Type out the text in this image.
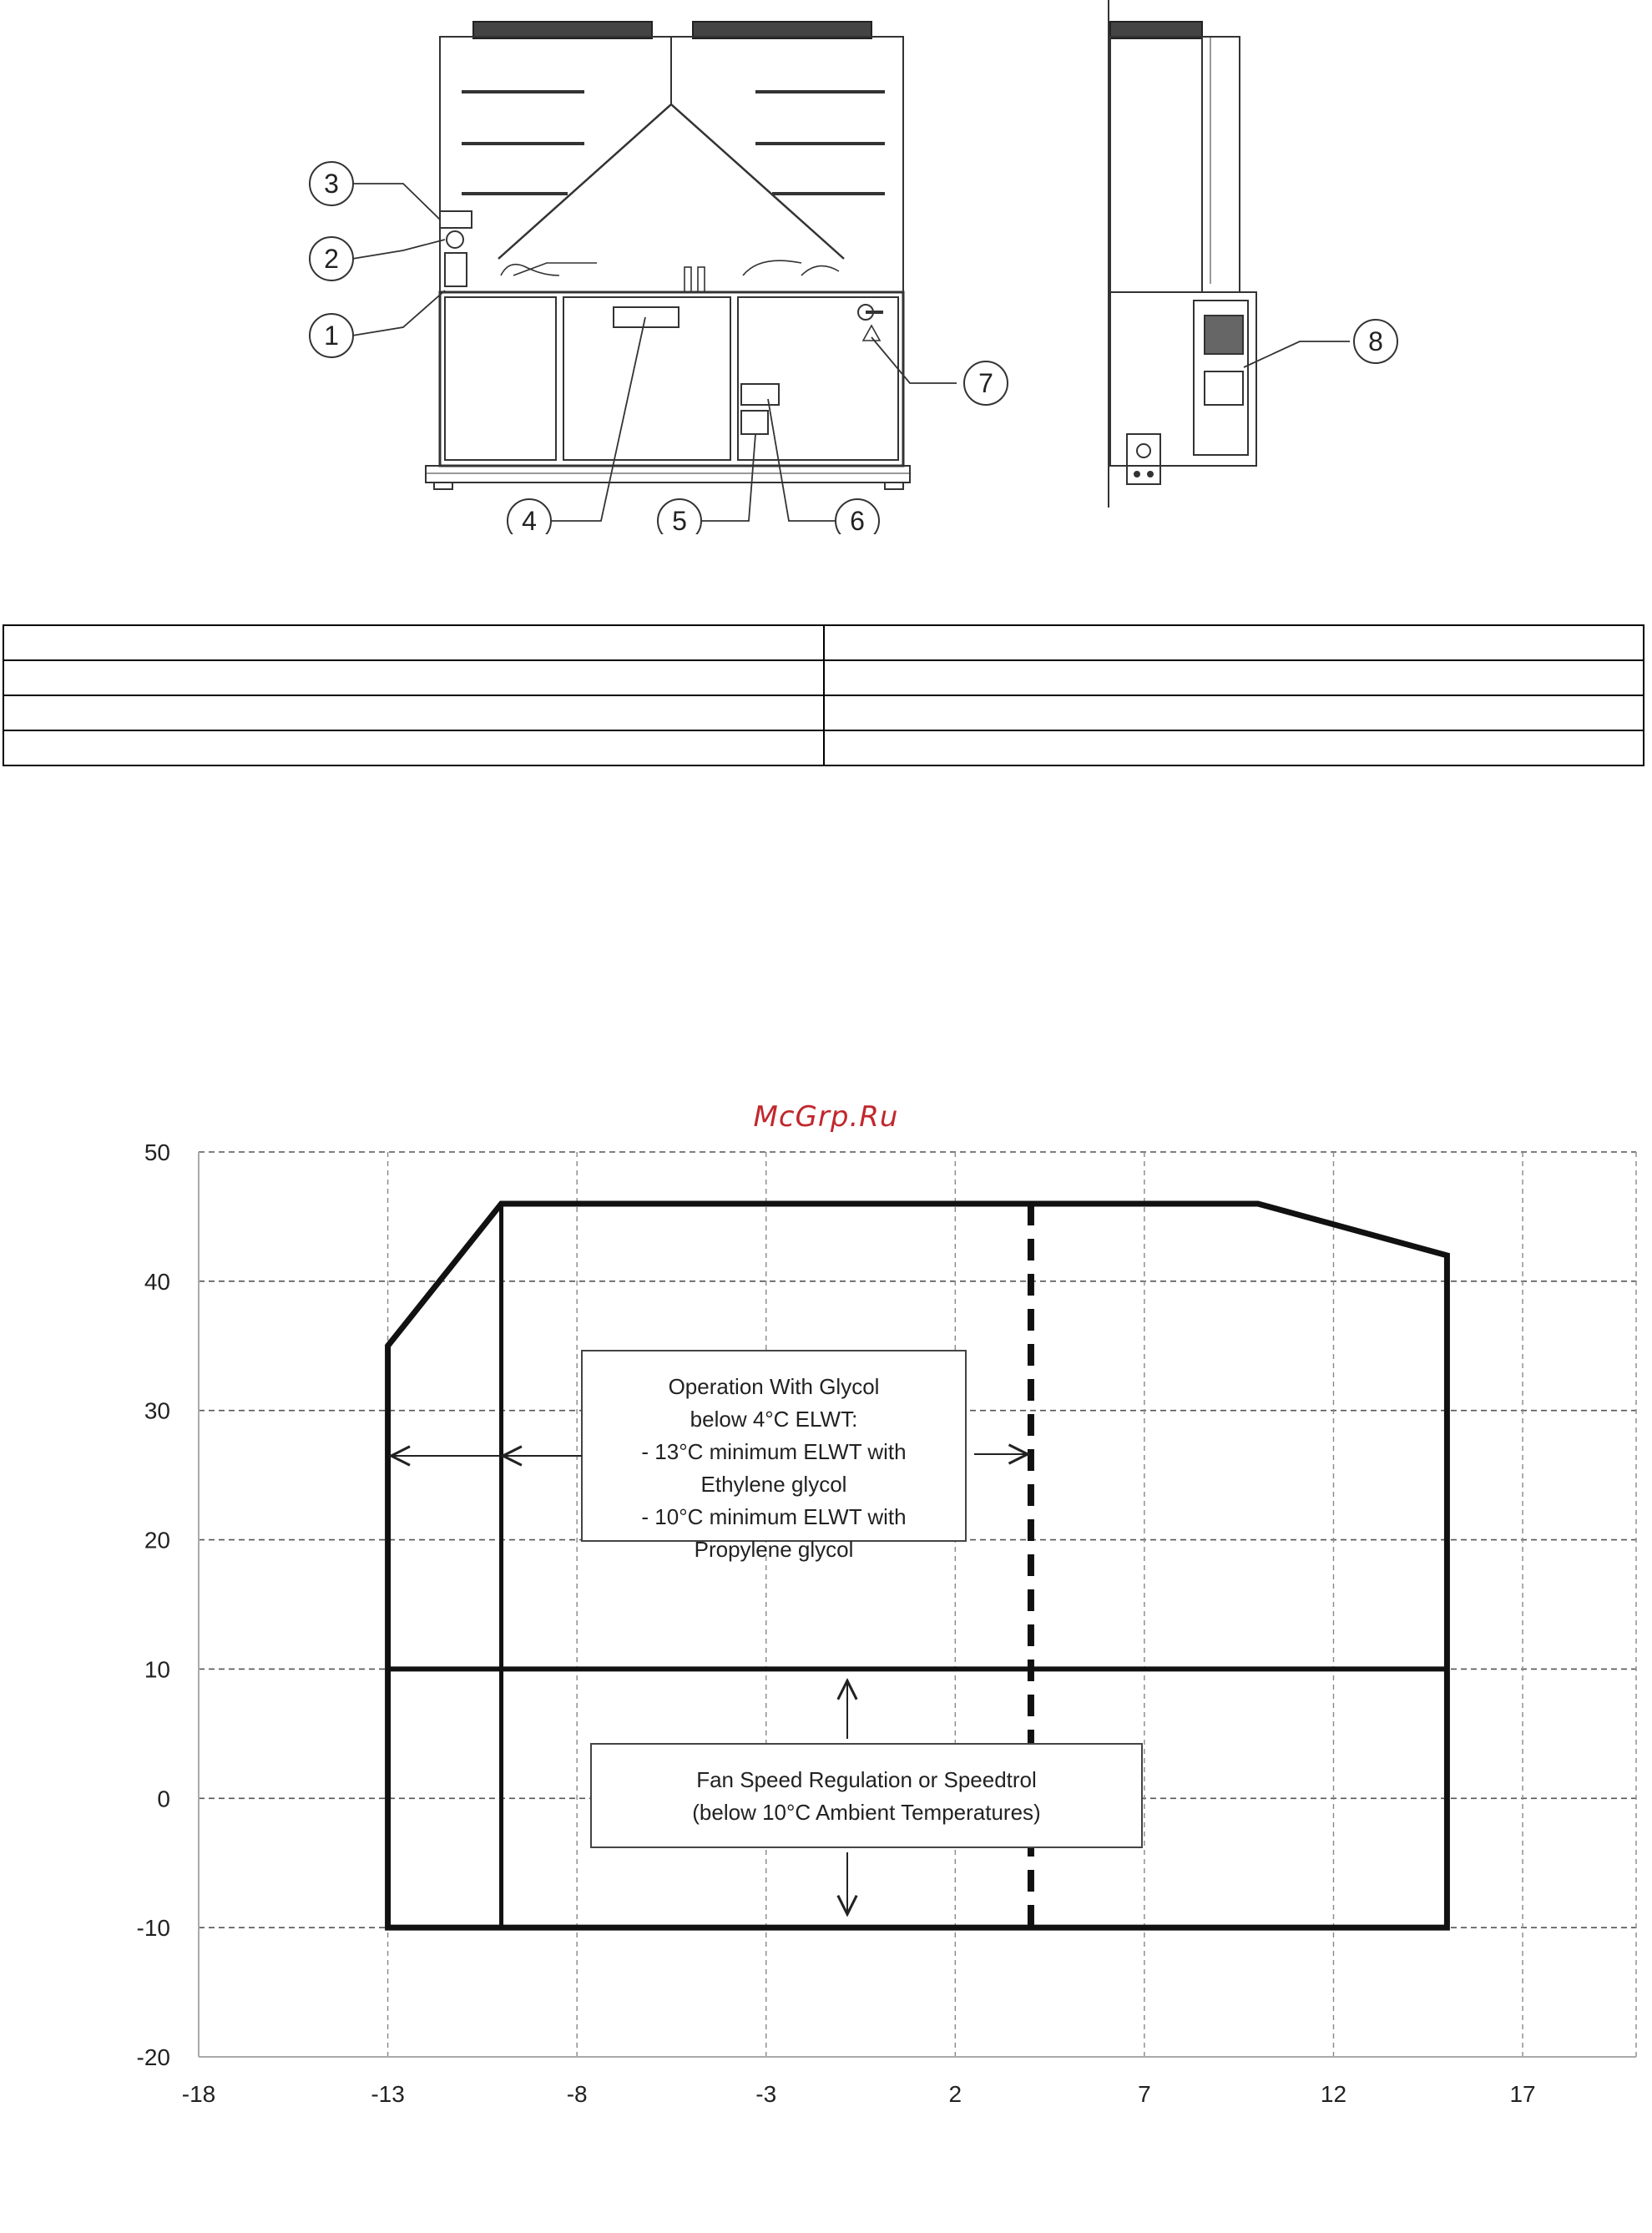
3
2
1
4	5	6
7
8

McGrp.Ru
Operation With Glycol
below 4°C ELWT:
- 13°C minimum ELWT with
Ethylene glycol
- 10°C minimum ELWT with
Propylene glycol
Fan Speed Regulation or Speedtrol
(below 10°C Ambient Temperatures)
-20
-10
0
10
20
30
40
50
-18	-13	-8	-3	2	7	12	17
